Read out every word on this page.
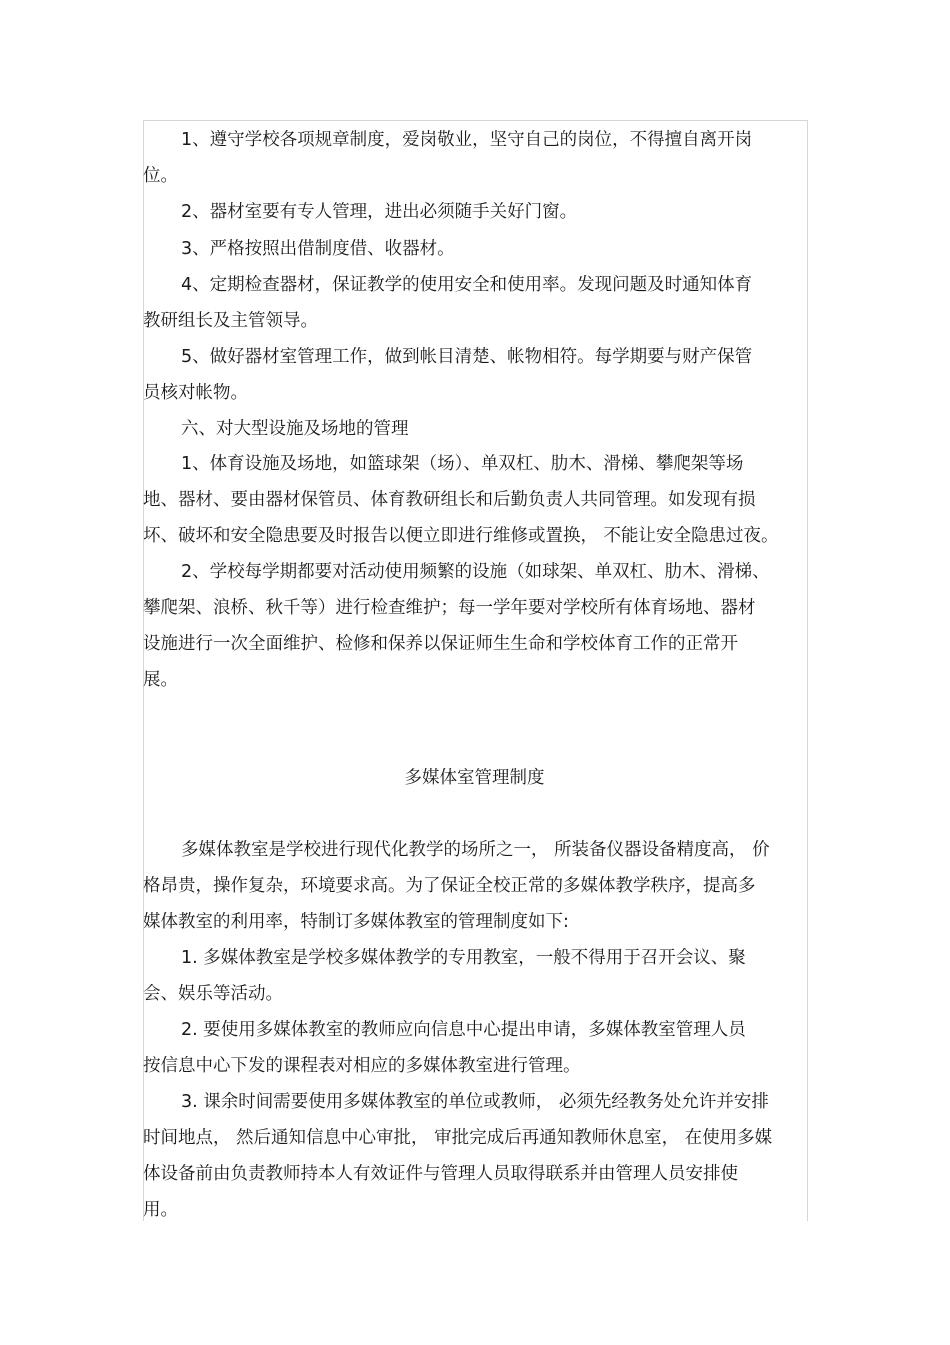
1、遵守学校各项规章制度，爱岗敬业，坚守自己的岗位，不得擅自离开岗

位。

2、器材室要有专人管理，进出必须随手关好门窗。

3、严格按照出借制度借、收器材。

4、定期检查器材，保证教学的使用安全和使用率。发现问题及时通知体育

教研组长及主管领导。

5、做好器材室管理工作，做到帐目清楚、帐物相符。每学期要与财产保管

员核对帐物。

六、对大型设施及场地的管理

1、体育设施及场地，如篮球架（场）、单双杠、肋木、滑梯、攀爬架等场

地、器材、要由器材保管员、体育教研组长和后勤负责人共同管理。如发现有损

坏、破坏和安全隐患要及时报告以便立即进行维修或置换， 不能让安全隐患过夜。

2、学校每学期都要对活动使用频繁的设施（如球架、单双杠、肋木、滑梯、

攀爬架、浪桥、秋千等）进行检查维护；每一学年要对学校所有体育场地、器材

设施进行一次全面维护、检修和保养以保证师生生命和学校体育工作的正常开

展。

多媒体室管理制度

多媒体教室是学校进行现代化教学的场所之一， 所装备仪器设备精度高， 价

格昂贵，操作复杂，环境要求高。为了保证全校正常的多媒体教学秩序，提高多

媒体教室的利用率，特制订多媒体教室的管理制度如下:

1. 多媒体教室是学校多媒体教学的专用教室，一般不得用于召开会议、聚

会、娱乐等活动。

2. 要使用多媒体教室的教师应向信息中心提出申请，多媒体教室管理人员

按信息中心下发的课程表对相应的多媒体教室进行管理。

3. 课余时间需要使用多媒体教室的单位或教师， 必须先经教务处允许并安排

时间地点， 然后通知信息中心审批， 审批完成后再通知教师休息室， 在使用多媒

体设备前由负责教师持本人有效证件与管理人员取得联系并由管理人员安排使

用。
